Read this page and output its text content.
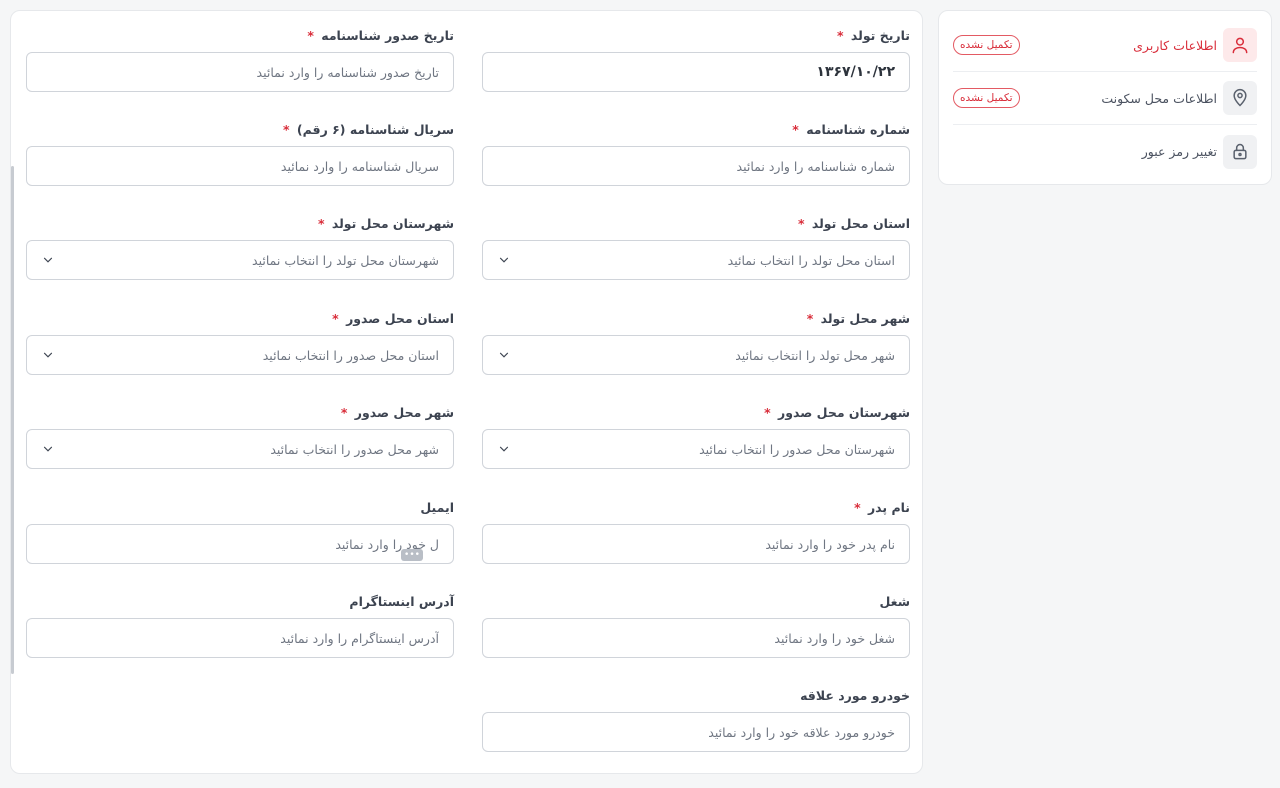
اطلاعات کاربری
تکمیل نشده
اطلاعات محل سکونت
تکمیل نشده
تغییر رمز عبور
تاریخ تولد *
۱۳۶۷/۱۰/۲۲
تاریخ صدور شناسنامه *
تاریخ صدور شناسنامه را وارد نمائید
شماره شناسنامه *
شماره شناسنامه را وارد نمائید
سریال شناسنامه (۶ رقم) *
سریال شناسنامه را وارد نمائید
استان محل تولد *
استان محل تولد را انتخاب نمائید
شهرستان محل تولد *
شهرستان محل تولد را انتخاب نمائید
شهر محل تولد *
شهر محل تولد را انتخاب نمائید
استان محل صدور *
استان محل صدور را انتخاب نمائید
شهرستان محل صدور *
شهرستان محل صدور را انتخاب نمائید
شهر محل صدور *
شهر محل صدور را انتخاب نمائید
نام پدر *
نام پدر خود را وارد نمائید
ایمیل
ل خود را وارد نمائید
•••
شغل
شغل خود را وارد نمائید
آدرس اینستاگرام
آدرس اینستاگرام را وارد نمائید
خودرو مورد علاقه
خودرو مورد علاقه خود را وارد نمائید
